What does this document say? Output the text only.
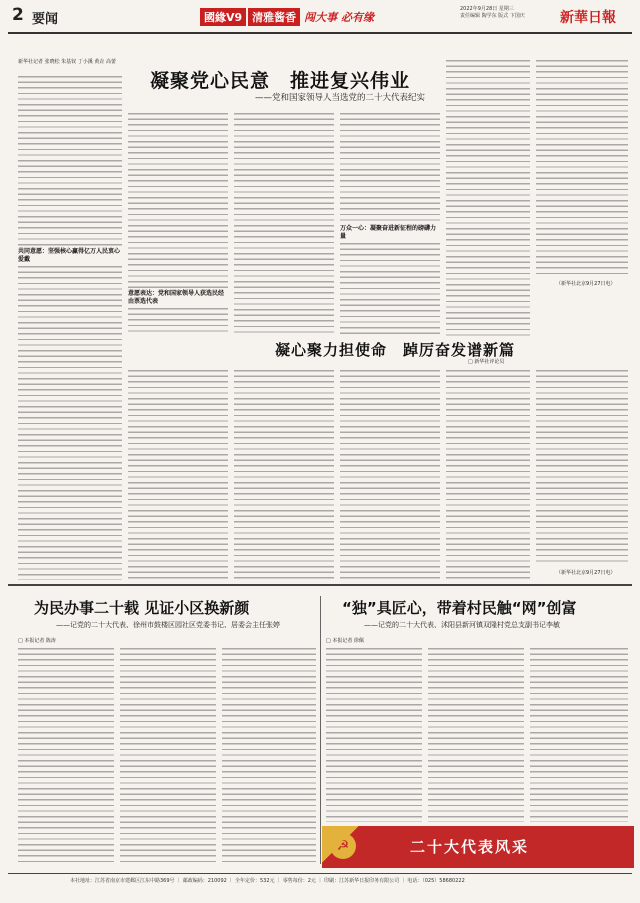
2 要闻	國緣V9 清雅酱香 闯大事 必有缘
2022年9月28日 星期三
责任编辑 陶学东 版式 卞国庆	新華日報
新华社记者 张晓松 朱基钗 丁小溪 黄垚 高蕾
凝聚党心民意　推进复兴伟业
——党和国家领导人当选党的二十大代表纪实
共同意愿：坚强核心赢得亿万人民衷心爱戴
意愿表达：党和国家领导人获选民经由票选代表
万众一心：凝聚奋进新征程的磅礴力量
（新华社北京9月27日电）
凝心聚力担使命　踔厉奋发谱新篇
□ 新华社评论员
（新华社北京9月27日电）
为民办事二十载 见证小区换新颜
——记党的二十大代表、徐州市鼓楼区园社区党委书记、居委会主任张婷
□ 本报记者 陈涛
“独”具匠心，带着村民触“网”创富
——记党的二十大代表、沭阳县新河镇双隆村党总支副书记李敏
□ 本报记者 徐佩
☭	二十大代表风采
本社地址：江苏省南京市建邺区江东中路369号 ｜ 邮政编码：210092 ｜ 全年定价：532元 ｜ 零售每份：2元 ｜ 印刷：江苏新华日报印务有限公司 ｜ 电话：（025）58680222
